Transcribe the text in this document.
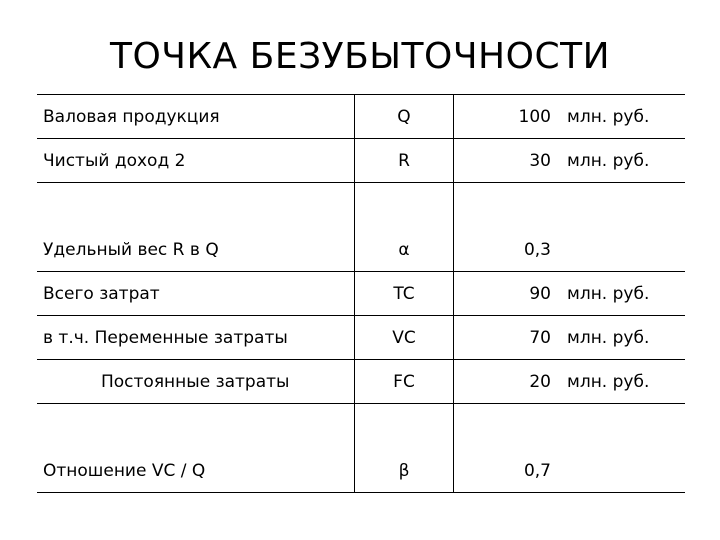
ТОЧКА БЕЗУБЫТОЧНОСТИ
Валовая продукция	Q	100 млн. руб.
Чистый доход 2	R	30 млн. руб.
Удельный вес R в Q	α	0,3
Всего затрат	TC	90 млн. руб.
в т.ч. Переменные затраты	VC	70 млн. руб.
Постоянные затраты	FC	20 млн. руб.
Отношение VC / Q	β	0,7
